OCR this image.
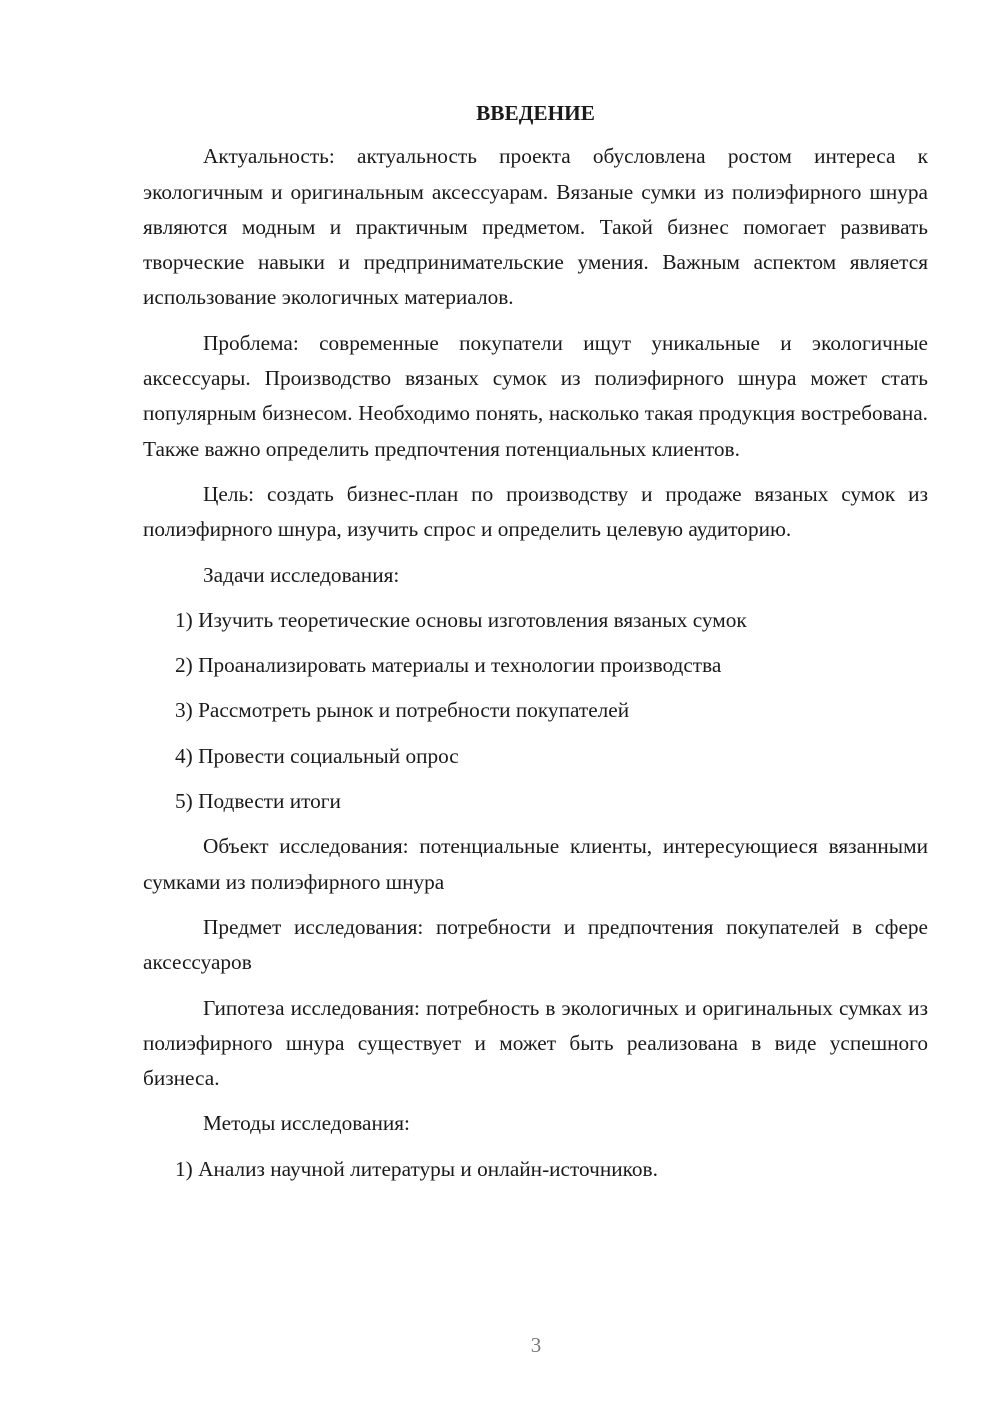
ВВЕДЕНИЕ

Актуальность: актуальность проекта обусловлена ростом интереса к экологичным и оригинальным аксессуарам. Вязаные сумки из полиэфирного шнура являются модным и практичным предметом. Такой бизнес помогает развивать творческие навыки и предпринимательские умения. Важным аспектом является использование экологичных материалов.

Проблема: современные покупатели ищут уникальные и экологичные аксессуары. Производство вязаных сумок из полиэфирного шнура может стать популярным бизнесом. Необходимо понять, насколько такая продукция востребована. Также важно определить предпочтения потенциальных клиентов.

Цель: создать бизнес-план по производству и продаже вязаных сумок из полиэфирного шнура, изучить спрос и определить целевую аудиторию.

Задачи исследования:

1) Изучить теоретические основы изготовления вязаных сумок

2) Проанализировать материалы и технологии производства

3) Рассмотреть рынок и потребности покупателей

4) Провести социальный опрос

5) Подвести итоги

Объект исследования: потенциальные клиенты, интересующиеся вязанными сумками из полиэфирного шнура

Предмет исследования: потребности и предпочтения покупателей в сфере аксессуаров

Гипотеза исследования: потребность в экологичных и оригинальных сумках из полиэфирного шнура существует и может быть реализована в виде успешного бизнеса.

Методы исследования:

1) Анализ научной литературы и онлайн-источников.

3
